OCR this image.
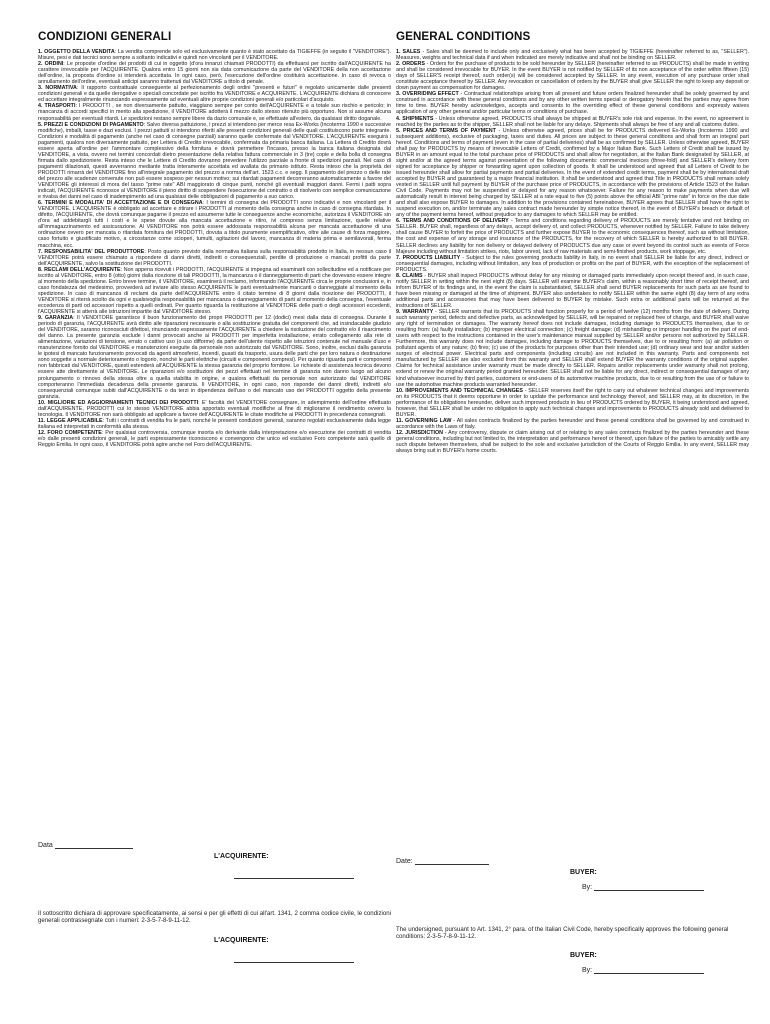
CONDIZIONI GENERALI

1. OGGETTO DELLA VENDITA: La vendita comprende solo ed esclusivamente quanto è stato accettato da TIGIEFFE (in seguito il "VENDITORE"). Misure, pesi e dati tecnici sono sempre a soltanto indicativi e quindi non vincolanti per il VENDITORE.

2. ORDINI: Le proposte d'ordine dei prodotti di cui in oggetto (d'ora innanzi chiamati PRODOTTI) da effettuarsi per iscritto dall'ACQUIRENTE ha carattere irrevocabile per l'ACQUIRENTE. Qualora entro 15 giorni non sia data comunicazione da parte del VENDITORE della non accettazione dell'ordine, la proposta d'ordine si intenderà accettata. In ogni caso, però, l'esecuzione dell'ordine costituirà accettazione. In caso di revoca o annullamento dell'ordine, eventuali anticipi saranno trattenuti dal VENDITORE a titolo di penale.

3. NORMATIVA: Il rapporto contrattuale conseguente al perfezionamento degli ordini "presenti e futuri" è regolato unicamente dalle presenti condizioni generali e da quelle derogative o speciali concordate per iscritto fra VENDITORE e ACQUIRENTE. L'ACQUIRENTE dichiara di conoscere ed accettare integralmente rinunciando espressamente ad eventuali altre proprie condizioni generali e/o particolari d'acquisto.

4. TRASPORTI: I PRODOTTI , se non diversamente pattuito, viaggiano sempre per conto dell'ACQUIRENTE e a totale suo rischio e pericolo; in mancanza di accordi specifici in merito alla spedizione, il VENDITORE adotterà il mezzo dallo stesso ritenuto più opportuno. Non si assume alcuna responsabilità per eventuali ritardi. Le spedizioni restano sempre libere da dazio comunale e, se effettuate all'estero, da qualsiasi diritto doganale.

5. PREZZI E CONDIZIONI DI PAGAMENTO: Salvo diversa pattuizione, i prezzi si intendono per merce resa Ex-Works (Incoterms 1990 e successive modifiche), imballi, tasse e dazi esclusi. I prezzi pattuiti si intendono riferiti alle presenti condizioni generali delle quali costituiscono parte integrante. Condizioni e modalità di pagamento (anche nel caso di consegne parziali) saranno quelle confermate dal VENDITORE. L'ACQUIRENTE eseguirà i pagamenti, qualora non diversamente pattuito, per Lettera di Credito irrevocabile, confermata da primaria banca italiana. La Lettera di Credito dovrà essere aperta all'ordine per l'ammontare complessivo della fornitura e dovrà permettere l'incasso, presso la banca italiana designata dal VENDITORE, a vista, ovvero nei termini concordati dietro presentazione della relativa fattura commerciale in 3 (tre) copie e della bolla di consegna firmata dallo spedizioniere. Resta inteso che le Lettere di Credito dovranno prevedere l'utilizzo parziale a fronte di spedizioni parziali. Nel caso di pagamenti dilazionati, questi avverranno mediante tratta interamente accettata ed avallata da primario istituto. Resta inteso che la proprietà dei PRODOTTI rimarrà del VENDITORE fino all'integrale pagamento del prezzo a norma dell'art. 1523 c.c. e segg. Il pagamento del prezzo o delle rate del prezzo alle scadenze convenute non può essere sospeso per nessun motivo; sui ritardati pagamenti decorreranno automaticamente a favore del VENDITORE gli interessi di mora del tasso "prime rate" ABI maggiorato di cinque punti, nonché gli eventuali maggiori danni. Fermi i patti sopra indicati, l'ACQUIRENTE riconosce al VENDITORE il pieno diritto di sospendere l'esecuzione del contratto o di risolverlo con semplice comunicazione e rivalsa dei danni nel caso di inadempimento ad una qualsiasi delle obbligazioni di pagamento a suo carico.

6. TERMINI E MODALITA' DI ACCETTAZIONE E DI CONSEGNA: I termini di consegna dei PRODOTTI sono indicativi e non vincolanti per il VENDITORE. L'ACQUIRENTE è obbligato ad accettare e ritirare i PRODOTTI al momento della consegna anche in caso di consegna ritardata. In difetto, l'ACQUIRENTE, che dovrà comunque pagarne il prezzo ed assumerne tutte le conseguenze anche economiche, autorizza il VENDITORE sin d'ora ad addebitargli tutti i costi e le spese dovute alla mancata accettazione e ritiro, ivi compreso senza limitazione, quelle relative all'immagazzinamento ed assicurazione. Al VENDITORE non potrà essere addossata responsabilità alcuna per mancata accettazione di una ordinazione ovvero per mancata o ritardata fornitura dei PRODOTTI, dovuta a titolo puramente esemplificativo, oltre alle cause di forza maggiore, caso fortuito e giustificato motivo, a circostanze come scioperi, tumulti, agitazioni del lavoro, mancanza di materia prima e semilavorati, ferma macchina, ecc.

7. RESPONSABILITA' DEL PRODUTTORE: Posto quanto previsto dalla normativa italiana sulla responsabilità prodotto in Italia, in nessun caso il VENDITORE potrà essere chiamato a rispondere di danni diretti, indiretti o consequenziali, perdite di produzione o mancati profitti da parte dell'ACQUIRENTE, salvo la sostituzione dei PRODOTTI.

8. RECLAMI DELL'ACQUIRENTE: Non appena ricevuti i PRODOTTI, l'ACQUIRENTE si impegna ad esaminarli con sollecitudine ed a notificare per iscritto al VENDITORE, entro 8 (otto) giorni dalla ricezione di tali PRODOTTI, la mancanza o il danneggiamento di parti che dovevano essere integre al momento della spedizione. Entro breve termine, il VENDITORE, esaminerà il reclamo, informando l'ACQUIRENTE circa le proprie conclusioni e, in caso fondatezza del medesimo, provvederà ad inviare allo stesso ACQUIRENTE le parti eventualmente mancanti o danneggiate al momento della spedizione. In caso di mancanza di reclami da parte dell'ACQUIRENTE entro il citato termine di 8 giorni dalla ricezione dei PRODOTTI, il VENDITORE si riterrà sciolto da ogni e qualsivoglia responsabilità per mancanza o danneggiamento di parti al momento della consegna, l'eventuale eccedenza di parti od accessori rispetto a quelli ordinati. Per quanto riguarda la restituzione al VENDITORE delle parti o degli accessori eccedenti, l'ACQUIRENTE si atterrà alle istruzioni impartite dal VENDITORE stesso.

9. GARANZIA: Il VENDITORE garantisce il buon funzionamento dei propri PRODOTTI per 12 (dodici) mesi dalla data di consegna. Durante il periodo di garanzia, l'ACQUIRENTE avrà diritto alle riparazioni necessarie o alla sostituzione gratuita dei componenti che, ad insindacabile giudizio del VENDITORE, saranno riconosciuti difettosi, rinunciando espressamente l'ACQUIRENTE a chiedere la risoluzione del contratto e/o il risarcimento del danno. La presente garanzia esclude i danni provocati anche ai PRODOTTI per imperfetta installazione, errato collegamento alla rete di alimentazione, variazioni di tensione, errato o cattivo uso (o uso difforme) da parte dell'utente rispetto alle istruzioni contenute nel manuale d'uso e manutenzione fornito dal VENDITORE e manutenzioni eseguite da personale non autorizzato dal VENDITORE. Sono, inoltre, esclusi dalla garanzia le ipotesi di mancato funzionamento provocati da agenti atmosferici, incendi, guasti da trasporto, usura delle parti che per loro natura o destinazione sono soggette a normale deterioramento o logorio, nonché le parti elettriche (circuiti e componenti compresi). Per quanto riguarda parti e componenti non fabbricati dal VENDITORE, questi estenderà all'ACQUIRENTE la stessa garanzia del proprio fornitore. Le richieste di assistenza tecnica devono essere atte direttamente al VENDITORE. Le riparazioni e/o sostituzioni dei pezzi effettuati nel termine di garanzia non danno luogo ad alcuno prolungamento o rinnovo della stessa oltre a quella stabilita in origine, e qualora effettuati da personale non autorizzato dal VENDITORE comporteranno l'immediata decadenza della presente garanzia. Il VENDITORE, in ogni caso, non risponde dei danni diretti, indiretti e/o consequenziali comunque subiti dall'ACQUIRENTE o da terzi in dipendenza dell'uso o del mancato uso dei PRODOTTI oggetto della presente garanzia.

10. MIGLIORIE ED AGGIORNAMENTI TECNICI DEI PRODOTTI: E' facoltà del VENDITORE consegnare, in adempimento dell'ordine effettuato dall'ACQUIRENTE, PRODOTTI cui lo stesso VENDITORE abbia apportato eventuali modifiche al fine di migliorarne il rendimento ovvero la tecnologia. Il VENDITORE non sarà obbligato ad applicare a favore dell'ACQUIRENTE le citate modifiche ai PRODOTTI in precedenza consegnati.

11. LEGGE APPLICABILE: Tutti i contratti di vendita fra le parti, nonché le presenti condizioni generali, saranno regolati esclusivamente dalla legge italiana ed interpretati in conformità alla stessa.

12. FORO COMPETENTE: Per qualsiasi controversia, comunque insorta e/o derivante dalla interpretazione e/o esecuzione dei contratti di vendita e/o dalle presenti condizioni generali, le parti espressamente riconoscono e convengono che unico ed esclusivo Foro competente sarà quello di Reggio Emilia. In ogni caso, il VENDITORE potrà agire anche nel Foro dell'ACQUIRENTE.

GENERAL CONDITIONS

1. SALES - Sales shall be deemed to include only and exclusively what has been accepted by TIGIEFFE (hereinafter referred to as, "SELLER"). Measures, weights and technical data if and when indicated are merely indicative and shall not be binding on SELLER.

2. ORDERS - Orders for the purchase of products to be sold hereunder by SELLER (hereinafter referred to as PRODUCTS) shall be made in writing and shall be considered irrevocable for BUYER. In the event BUYER is not notified by SELLER of its non acceptance of the order within fifteen (15) days of SELLER'S receipt thereof, such order(s) will be considered accepted by SELLER. In any event, execution of any purchase order shall constitute acceptance thereof by SELLER. Any revocation or cancellation of orders by the BUYER shall give SELLER the right to keep any deposit or down payment as compensation for damages.

3. OVERRIDING EFFECT - Contractual relationships arising from all present and future orders finalized hereunder shall be solely governed by and construed in accordance with these general conditions and by any other written terms special or derogatory herein that the parties may agree from time to time. BUYER hereby acknowledges, accepts and consents to the overriding effect of these general conditions and expressly waives application of any other general and/or particular terms or conditions of purchase.

4. SHIPMENTS - Unless otherwise agreed, PRODUCTS shall always be shipped at BUYER's sole risk and expense. In the event, no agreement is reached by the parties as to the shipper, SELLER shall not be liable for any delays. Shipments shall always be free of any and all customs duties.

5. PRICES AND TERMS OF PAYMENT - Unless otherwise agreed, prices shall be for PRODUCTS delivered Ex-Works (Incoterms 1990 and subsequent additions), exclusive of packaging, taxes and duties. All prices are subject to these general conditions and shall form an integral part hereof. Conditions and terms of payment (even in the case of partial deliveries) shall be as confirmed by SELLER. Unless otherwise agreed, BUYER shall pay for PRODUCTS by means of irrevocable Letters of Credit, confirmed by a Major Italian Bank. Such Letters of Credit shall be issued by BUYER in an amount equal to the total purchase price of PRODUCTS and shall allow for negotiation, at the Italian Bank designated by SELLER, at sight and/or at the agreed terms against presentation of the following documents: commercial invoices (three-fold) and SELLER's delivery form signed for acceptance by shipper or forwarding agent upon collection of goods. It shall be understood and agreed that all Letters of Credit to be issued hereunder shall allow for partial payments and partial deliveries. In the event of extended credit terms, payment shall be by international draft accepted by BUYER and guaranteed by a major financial institution. It shall be understood and agreed that Title in PRODUCTS shall remain solely vested in SELLER until full payment by BUYER of the purchase price of PRODUCTS, in accordance with the provisions of Article 1523 of the Italian Civil Code. Payments may not be suspended or delayed for any reason whatsoever. Failure for any reason to make payments when due will automatically result in interest being charged by SELLER at a rate equal to five (5) points above the official ABI "prime rate" in force on the due date and shall also expose BUYER to damages. In addition to the provisions contained hereinabove, BUYER agrees that SELLER shall have the right to suspend execution on, and/or terminate any sales contract made hereunder by simple notice thereof, in the event of BUYER's breach or default of any of the payment terms hereof, without prejudice to any damages to which SELLER may be entitled.

6. TERMS AND CONDITIONS OF DELIVERY - Terms and conditions regarding delivery of PRODUCTS are merely tentative and not binding on SELLER. BUYER shall, regardless of any delays, accept delivery of, and collect PRODUCTS, whenever notified by SELLER. Failure to take delivery shall cause BUYER to forfeit the price of PRODUCTS and further expose BUYER to the economic consequences thereof, such as without limitation, the cost and expense of any storage and insurance of the PRODUCTS, for the recovery of which SELLER is hereby authorized to bill BUYER. SELLER declines any liability for non delivery or delayed delivery of PRODUCTS due any case or event beyond its control such as events of Force Majeure including without limitation strikes, riots, labor unrest, lack of raw materials and semi-finished products, work stoppage, etc.

7. PRODUCTS LIABILITY - Subject to the rules governing products liability in Italy, in no event shall SELLER be liable for any direct, indirect or consequential damages, including without limitation, any loss of production or profits on the part of BUYER, with the exception of the replacement of PRODUCTS.

8. CLAIMS - BUYER shall inspect PRODUCTS without delay for any missing or damaged parts immediately upon receipt thereof and, in such case, notify SELLER in writing within the next eight (8) days. SELLER will examine BUYER's claim, within a reasonably short time of receipt thereof, and inform BUYER of its findings and, in the event the claim is substantiated, SELLER shall send BUYER replacements for such parts as are found to have been missing or damaged at the time of shipment. BUYER also undertakes to notify SELLER within the same eight (8) day term of any extra additional parts and accessories that may have been delivered to BUYER by mistake. Such extra or additional parts will be returned at the instructions of SELLER.

9. WARRANTY - SELLER warrants that its PRODUCTS shall function properly for a period of twelve (12) months from the date of delivery. During such warranty period, defects and defective parts, as acknowledged by SELLER, will be repaired or replaced free of charge, and BUYER shall waive any right of termination or damages. The warranty hereof does not include damages, including damage to PRODUCTS themselves, due to or resulting from: (a) faulty installation; (b) improper electrical connection; (c) freight damage; (d) mishandling or improper handling on the part of end-users with respect to the instructions contained in the user's maintenance manual supplied by SELLER and/or persons not authorized by SELLER. Furthermore, this warranty does not include damages, including damage to PRODUCTS themselves, due to or resulting from: (a) air pollution or pollutant agents of any nature; (b) fires; (c) use of the products for purposes other than their intended use; (d) ordinary wear and tear and/or sudden surges of electrical power. Electrical parts and components (including circuits) are not included in this warranty. Parts and components not manufactured by SELLER are also excluded from this warranty and SELLER shall extend BUYER the warranty conditions of the original supplier. Claims for technical assistance under warranty must be made directly to SELLER. Repairs and/or replacements under warranty shall not prolong, extend or renew the original warranty period granted hereunder. SELLER shall not be liable for any direct, indirect or consequential damages of any kind whatsoever incurred by third parties, customers or end-users of its automotive machine products, due to or resulting from the use of or failure to use the automotive machine products warranted hereunder.

10. IMPROVEMENTS AND TECHNICAL CHANGES - SELLER reserves itself the right to carry out whatever technical changes and improvements on its PRODUCTS that it deems opportune in order to update the performance and technology thereof, and SELLER may, at its discretion, in the performance of its obligations hereunder, deliver such improved products in lieu of PRODUCTS ordered by BUYER, it being understood and agreed, however, that SELLER shall be under no obligation to apply such technical changes and improvements to PRODUCTS already sold and delivered to BUYER.

11. GOVERNING LAW - All sales contracts finalized by the parties hereunder and these general conditions shall be governed by and construed in accordance with the Laws of Italy.

12. JURISDICTION - Any controversy, dispute or claim arising out of or relating to any sales contracts finalized by the parties hereunder and these general conditions, including but not limited to, the interpretation and performance hereof or thereof, upon failure of the parties to amicably settle any such dispute between themselves, shall be subject to the sole and exclusive jurisdiction of the Courts of Reggio Emilia. In any event, SELLER may always bring suit in BUYER's home courts.

Data
L'ACQUIRENTE:
Il sottoscritto dichiara di approvare specificatamente, ai sensi e per gli effetti di cui all'art. 1341, 2 comma codice civile, le condizioni generali contrassegnate con i numeri: 2-3-5-7-8-9-11-12.
L'ACQUIRENTE:
Date:
BUYER:
By:
The undersigned, pursuant to Art. 1341, 2° para. of the Italian Civil Code, hereby specifically approves the following general conditions: 2-3-5-7-8-9-11-12.
BUYER:
By:
